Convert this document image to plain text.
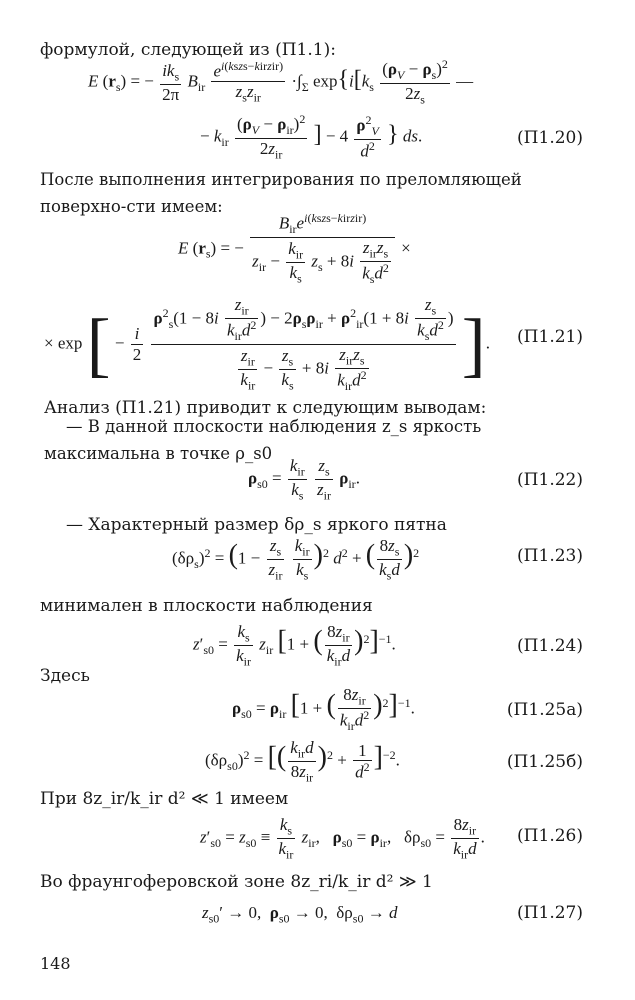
формулой, следующей из (П1.1):
E $(r_s)$ = − $\frac{ik_s}{2\pi} B_{ir} \frac{e^{i(kszs-kirzir)}}{z_sz_{ir}} \cdot\int_\Sigma$ $\exp\{i[k_s \frac{(\rho_V - \rho_s)^2}{2z_s}$ —
− $k_{ir} \frac{(\rho_V - \rho_{ir})^2}{2z_{ir}}$ ] − $4 \frac{\rho^2_V}{d^2}$ } ds.	(П1.20)
После выполнения интегрирования по преломляющей поверхно-сти имеем:
E $(r_s)$ = − $\frac{B_{ir}e^{i(kszs-kirzir)}}{z_{ir} - \frac{k_{ir}}{k_s} z_s + 8i \frac{z_{ir}z_s}{k_sd^2}}$ ×
× exp [ − $\frac{i}{2}$
$\frac{\rho^2_s(1 - 8i \frac{z_{ir}}{k_{ir}d^2} ) - 2\rho_s\rho_{ir} + \rho^2_{ir}(1 + 8i \frac{z_s}{k_sd^2} )}{\frac{z_{ir}}{k_{ir}} - \frac{z_s}{k_s} + 8i \frac{z_{ir}z_s}{k_{ir}d^2}}$ ]. (П1.21)
Анализ (П1.21) приводит к следующим выводам:
— В данной плоскости наблюдения z_s яркость максимальна в точке ρ_s0
$\rho_{s0} = \frac{k_{ir}}{k_s}$
$\frac{z_s}{z_{ir}} \rho_{ir}$.	(П1.22)
— Характерный размер δρ_s яркого пятна
$(\delta\rho_s)^2 = (1 - \frac{z_s}{z_{ir}}$
$\frac{k_{ir}}{k_s} )^2$ $d^2$ + ( $\frac{8z_s}{k_sd} )^2$	(П1.23)
минимален в плоскости наблюдения
$z'_{s0} = \frac{k_s}{k_{ir}} z_{ir}$ [1 + ( $\frac{8z_{ir}}{k_{ir}d} )^2]^{-1}$.	(П1.24)
Здесь
$\rho_{s0} = \rho_{ir}$ [1 + ( $\frac{8z_{ir}}{k_{ir}d^2} )^2]^{-1}$.	(П1.25а)
$(\delta\rho_{s0})^2$ = [( $\frac{k_{ir}d}{8z_{ir}} )^2 + \frac{1}{d^2} ]^{-2}$.	(П1.25б)
При 8z_ir/k_ir d² ≪ 1 имеем
$z'_{s0} = z_{s0} \equiv \frac{k_s}{k_{ir}} z_{ir}$,   $\rho_{s0} = \rho_{ir}$,   $\delta\rho_{s0} = \frac{8z_{ir}}{k_{ir}d}$ . (П1.26)
Во фраунгоферовской зоне 8z_ri/k_ir d² ≫ 1
$z_{s0}' \to 0$,  $\rho_{s0} \to 0$,  $\delta\rho_{s0} \to d$	(П1.27)
148
